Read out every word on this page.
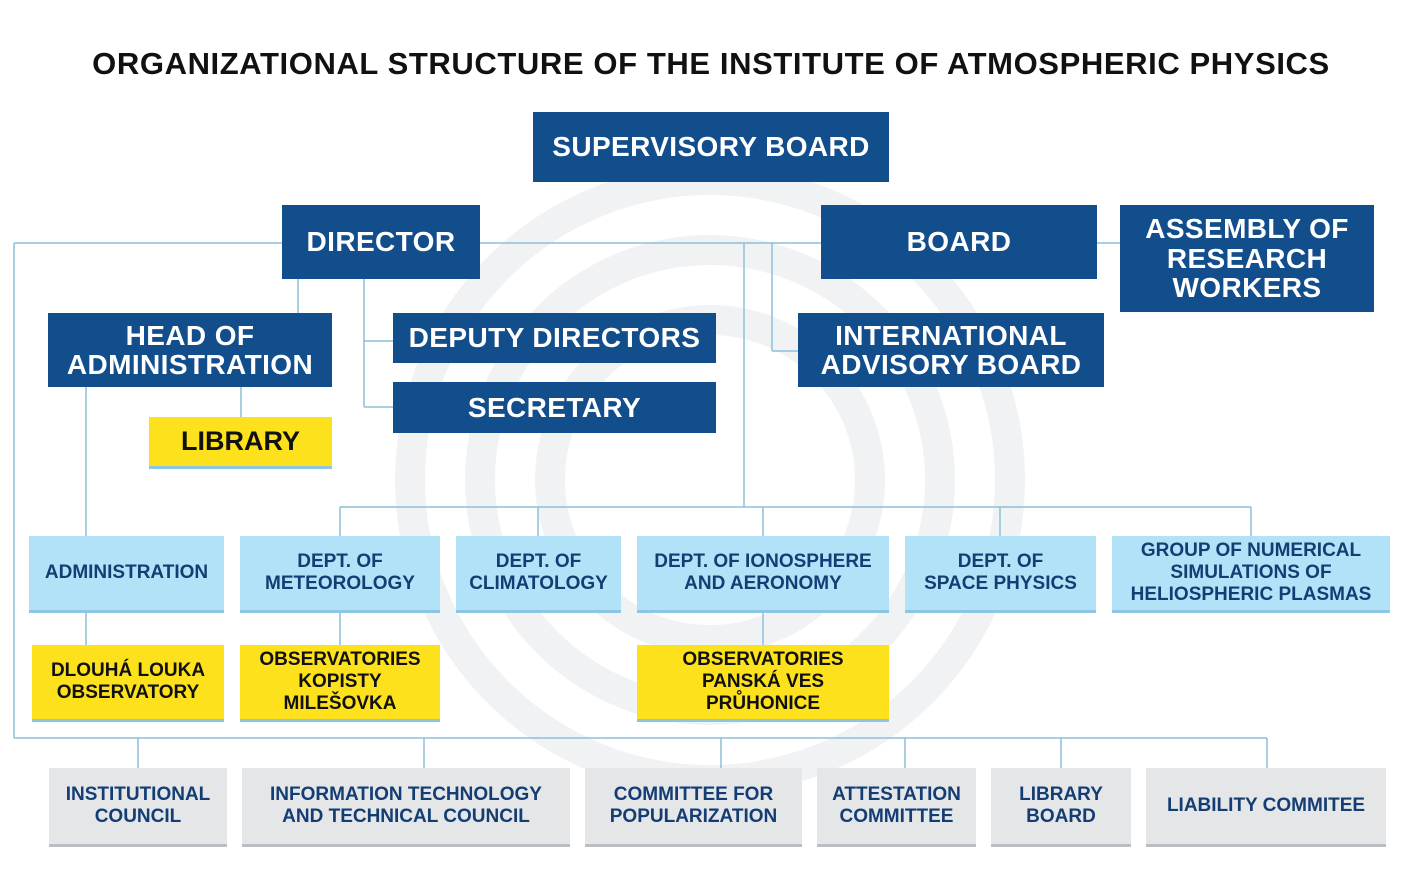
ORGANIZATIONAL STRUCTURE OF THE INSTITUTE OF ATMOSPHERIC PHYSICS
SUPERVISORY BOARD
DIRECTOR	BOARD	ASSEMBLY OF
RESEARCH
WORKERS
HEAD OF
ADMINISTRATION
DEPUTY DIRECTORS
SECRETARY
INTERNATIONAL
ADVISORY BOARD
LIBRARY
ADMINISTRATION
DEPT. OF
METEOROLOGY
DEPT. OF
CLIMATOLOGY
DEPT. OF IONOSPHERE
AND AERONOMY
DEPT. OF
SPACE PHYSICS
GROUP OF NUMERICAL
SIMULATIONS OF
HELIOSPHERIC PLASMAS
DLOUHÁ LOUKA
OBSERVATORY
OBSERVATORIES
KOPISTY
MILEŠOVKA
OBSERVATORIES
PANSKÁ VES
PRŮHONICE
INSTITUTIONAL
COUNCIL
INFORMATION TECHNOLOGY
AND TECHNICAL COUNCIL
COMMITTEE FOR
POPULARIZATION
ATTESTATION
COMMITTEE
LIBRARY
BOARD
LIABILITY COMMITEE
